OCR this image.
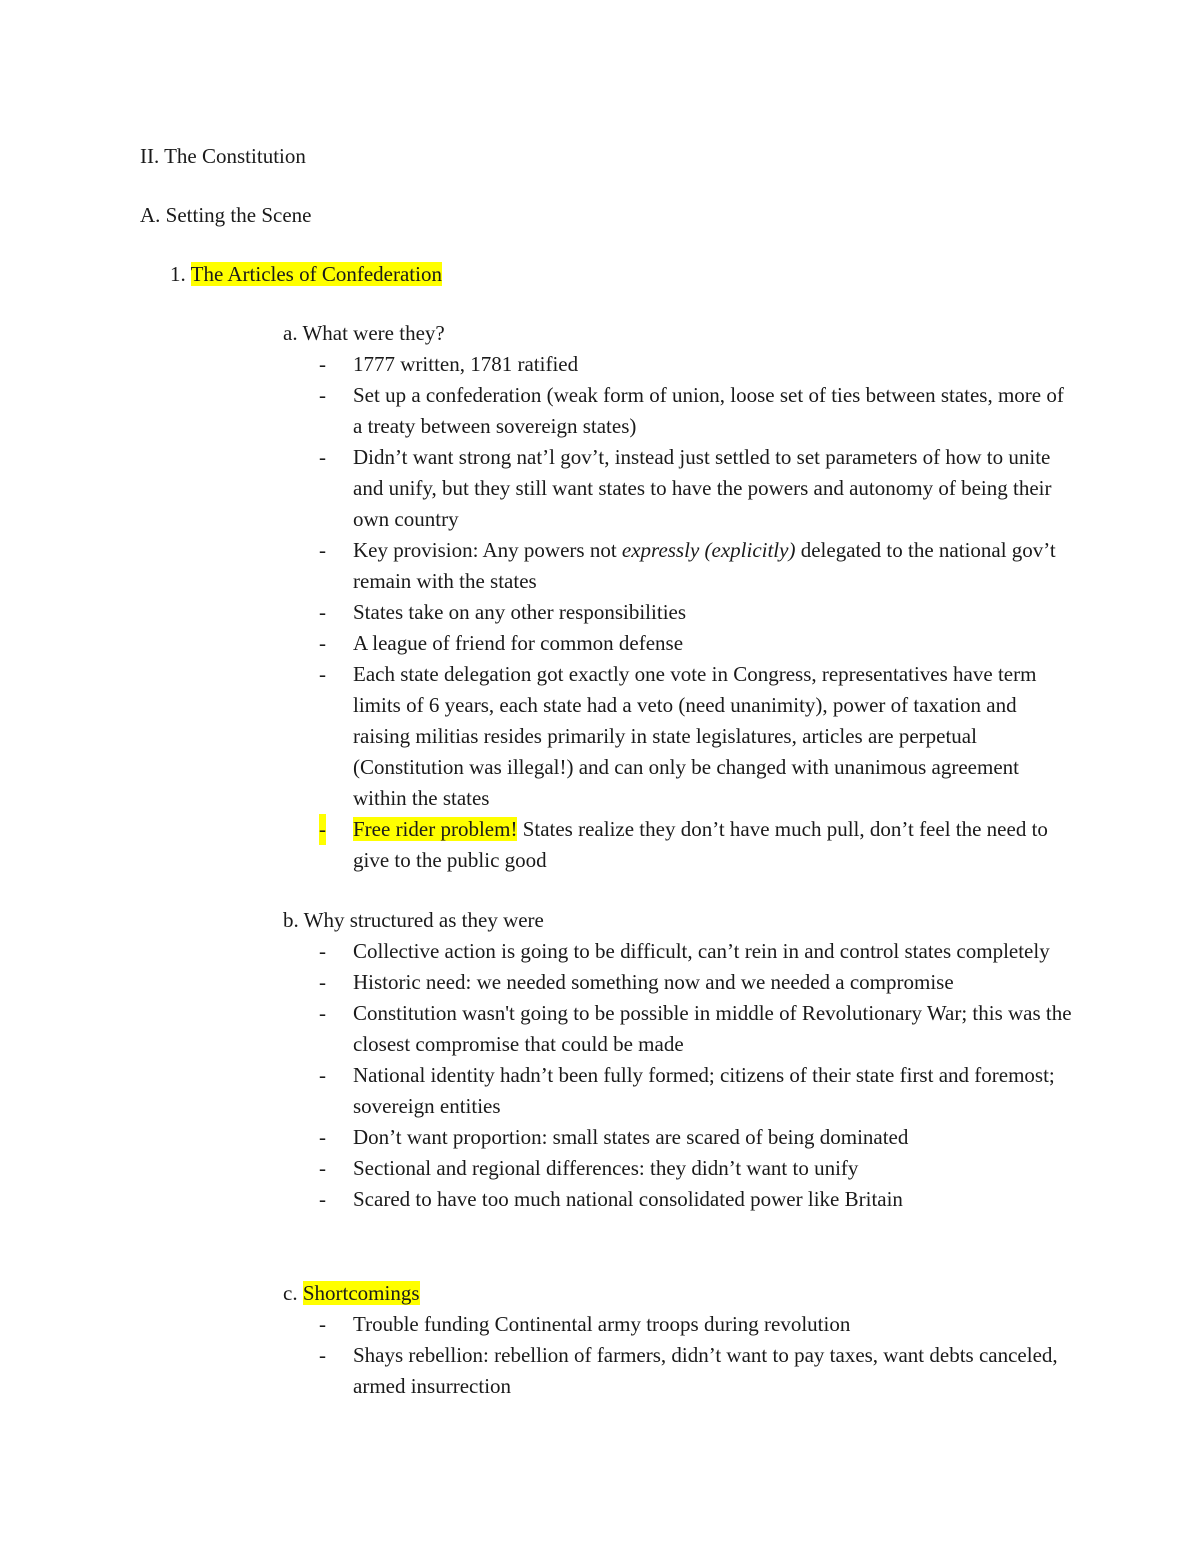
II. The Constitution
A. Setting the Scene
1. The Articles of Confederation
a. What were they?
- 1777 written, 1781 ratified
- Set up a confederation (weak form of union, loose set of ties between states, more of a treaty between sovereign states)
- Didn’t want strong nat’l gov’t, instead just settled to set parameters of how to unite and unify, but they still want states to have the powers and autonomy of being their own country
- Key provision: Any powers not expressly (explicitly) delegated to the national gov’t remain with the states
- States take on any other responsibilities
- A league of friend for common defense
- Each state delegation got exactly one vote in Congress, representatives have term limits of 6 years, each state had a veto (need unanimity), power of taxation and raising militias resides primarily in state legislatures, articles are perpetual (Constitution was illegal!) and can only be changed with unanimous agreement within the states
- Free rider problem! States realize they don’t have much pull, don’t feel the need to give to the public good
b. Why structured as they were
- Collective action is going to be difficult, can’t rein in and control states completely
- Historic need: we needed something now and we needed a compromise
- Constitution wasn't going to be possible in middle of Revolutionary War; this was the closest compromise that could be made
- National identity hadn’t been fully formed; citizens of their state first and foremost; sovereign entities
- Don’t want proportion: small states are scared of being dominated
- Sectional and regional differences: they didn’t want to unify
- Scared to have too much national consolidated power like Britain
c. Shortcomings
- Trouble funding Continental army troops during revolution
- Shays rebellion: rebellion of farmers, didn’t want to pay taxes, want debts canceled, armed insurrection
